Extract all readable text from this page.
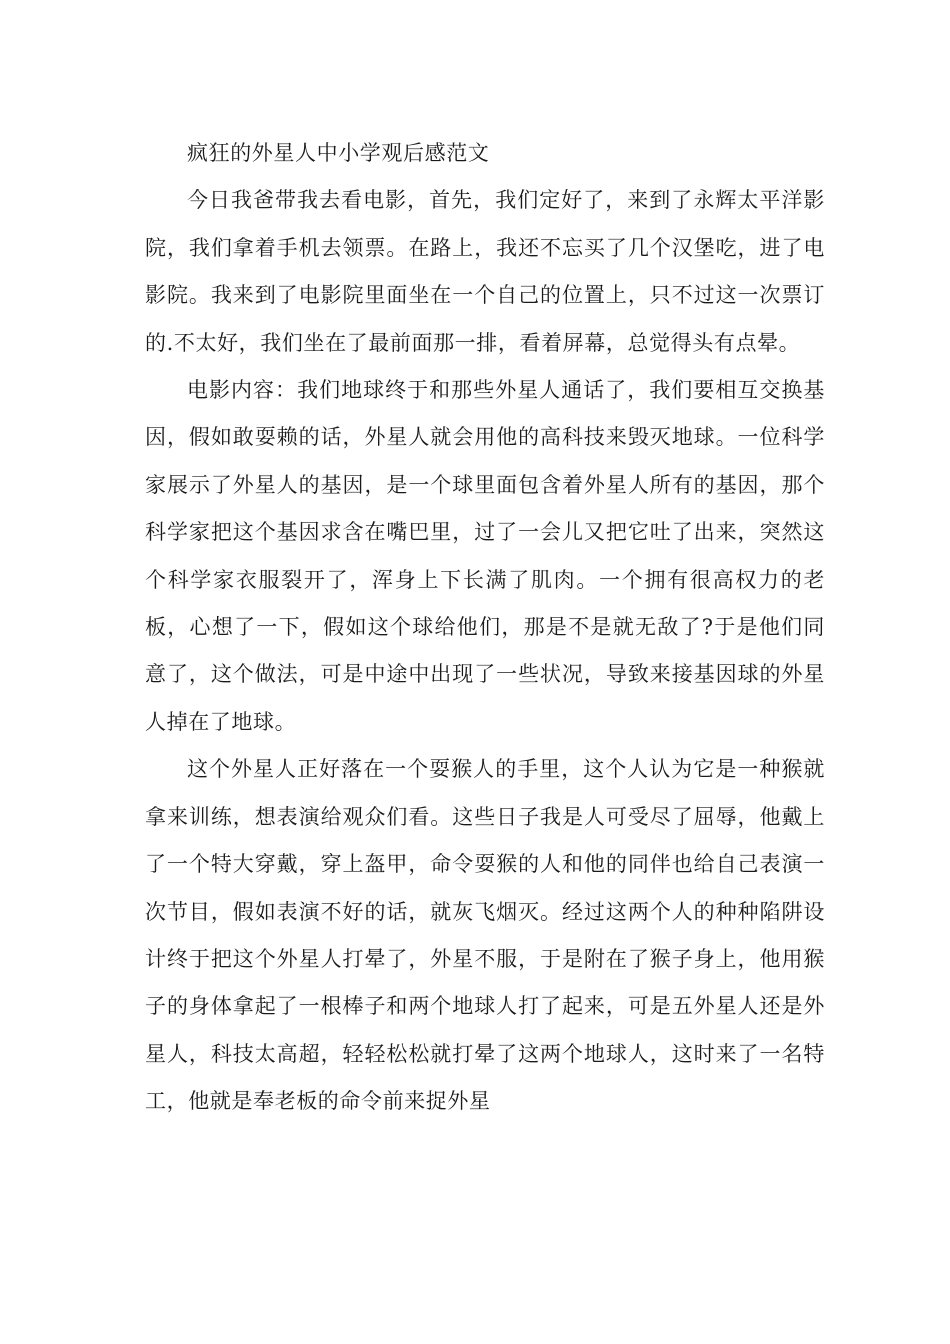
疯狂的外星人中小学观后感范文

今日我爸带我去看电影，首先，我们定好了，来到了永辉太平洋影院，我们拿着手机去领票。在路上，我还不忘买了几个汉堡吃，进了电影院。我来到了电影院里面坐在一个自己的位置上，只不过这一次票订的.不太好，我们坐在了最前面那一排，看着屏幕，总觉得头有点晕。

电影内容：我们地球终于和那些外星人通话了，我们要相互交换基因，假如敢耍赖的话，外星人就会用他的高科技来毁灭地球。一位科学家展示了外星人的基因，是一个球里面包含着外星人所有的基因，那个科学家把这个基因求含在嘴巴里，过了一会儿又把它吐了出来，突然这个科学家衣服裂开了，浑身上下长满了肌肉。一个拥有很高权力的老板，心想了一下，假如这个球给他们，那是不是就无敌了?于是他们同意了，这个做法，可是中途中出现了一些状况，导致来接基因球的外星人掉在了地球。

这个外星人正好落在一个耍猴人的手里，这个人认为它是一种猴就拿来训练，想表演给观众们看。这些日子我是人可受尽了屈辱，他戴上了一个特大穿戴，穿上盔甲，命令耍猴的人和他的同伴也给自己表演一次节目，假如表演不好的话，就灰飞烟灭。经过这两个人的种种陷阱设计终于把这个外星人打晕了，外星不服，于是附在了猴子身上，他用猴子的身体拿起了一根棒子和两个地球人打了起来，可是五外星人还是外星人，科技太高超，轻轻松松就打晕了这两个地球人，这时来了一名特工，他就是奉老板的命令前来捉外星
